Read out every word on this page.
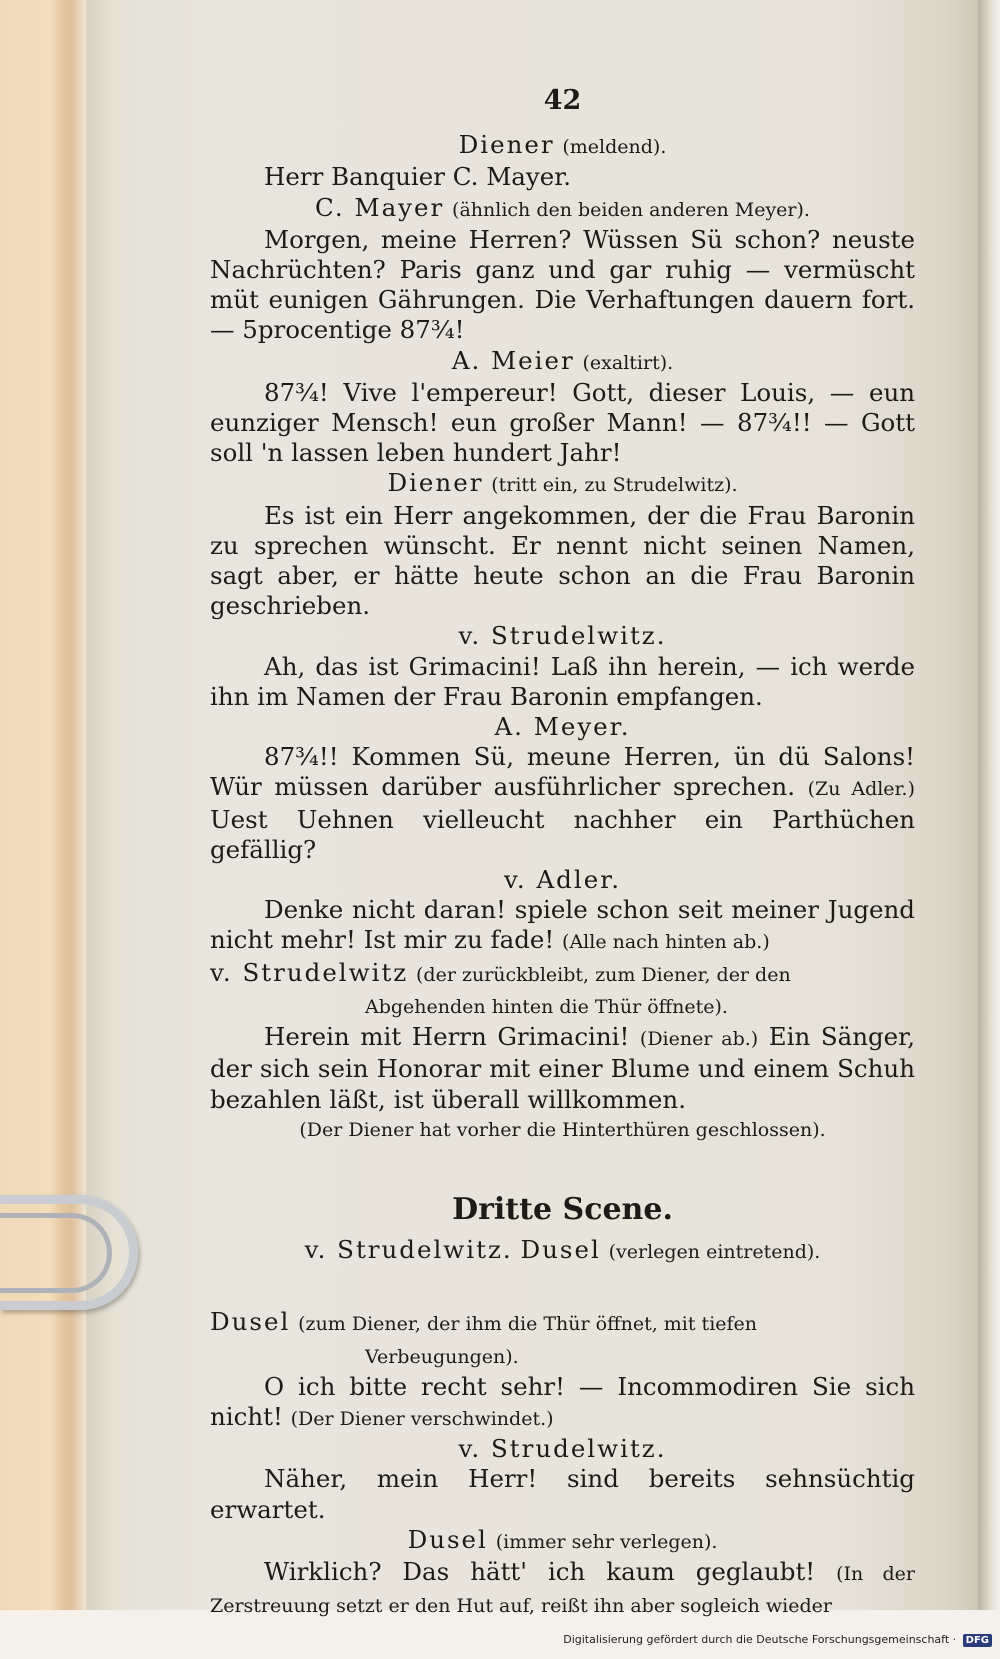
42

Diener (meldend).

Herr Banquier C. Mayer.

C. Mayer (ähnlich den beiden anderen Meyer).

Morgen, meine Herren? Wüssen Sü schon? neuste Nachrüchten? Paris ganz und gar ruhig — vermüscht müt eunigen Gährungen. Die Verhaftungen dauern fort. — 5procentige 87¾!

A. Meier (exaltirt).

87¾! Vive l'empereur! Gott, dieser Louis, — eun eunziger Mensch! eun großer Mann! — 87¾!! — Gott soll 'n lassen leben hundert Jahr!

Diener (tritt ein, zu Strudelwitz).

Es ist ein Herr angekommen, der die Frau Baronin zu sprechen wünscht. Er nennt nicht seinen Namen, sagt aber, er hätte heute schon an die Frau Baronin geschrieben.

v. Strudelwitz.

Ah, das ist Grimacini! Laß ihn herein, — ich werde ihn im Namen der Frau Baronin empfangen.

A. Meyer.

87¾!! Kommen Sü, meune Herren, ün dü Salons! Wür müssen darüber ausführlicher sprechen. (Zu Adler.) Uest Uehnen vielleucht nachher ein Parthüchen gefällig?

v. Adler.

Denke nicht daran! spiele schon seit meiner Jugend nicht mehr! Ist mir zu fade! (Alle nach hinten ab.)

v. Strudelwitz (der zurückbleibt, zum Diener, der den Abgehenden hinten die Thür öffnete).

Herein mit Herrn Grimacini! (Diener ab.) Ein Sänger, der sich sein Honorar mit einer Blume und einem Schuh bezahlen läßt, ist überall willkommen.

(Der Diener hat vorher die Hinterthüren geschlossen).

Dritte Scene.

v. Strudelwitz. Dusel (verlegen eintretend).

Dusel (zum Diener, der ihm die Thür öffnet, mit tiefen Verbeugungen).

O ich bitte recht sehr! — Incommodiren Sie sich nicht! (Der Diener verschwindet.)

v. Strudelwitz.

Näher, mein Herr! sind bereits sehnsüchtig erwartet.

Dusel (immer sehr verlegen).

Wirklich? Das hätt' ich kaum geglaubt! (In der Zerstreuung setzt er den Hut auf, reißt ihn aber sogleich wieder

Digitalisierung gefördert durch die Deutsche Forschungsgemeinschaft · DFG
